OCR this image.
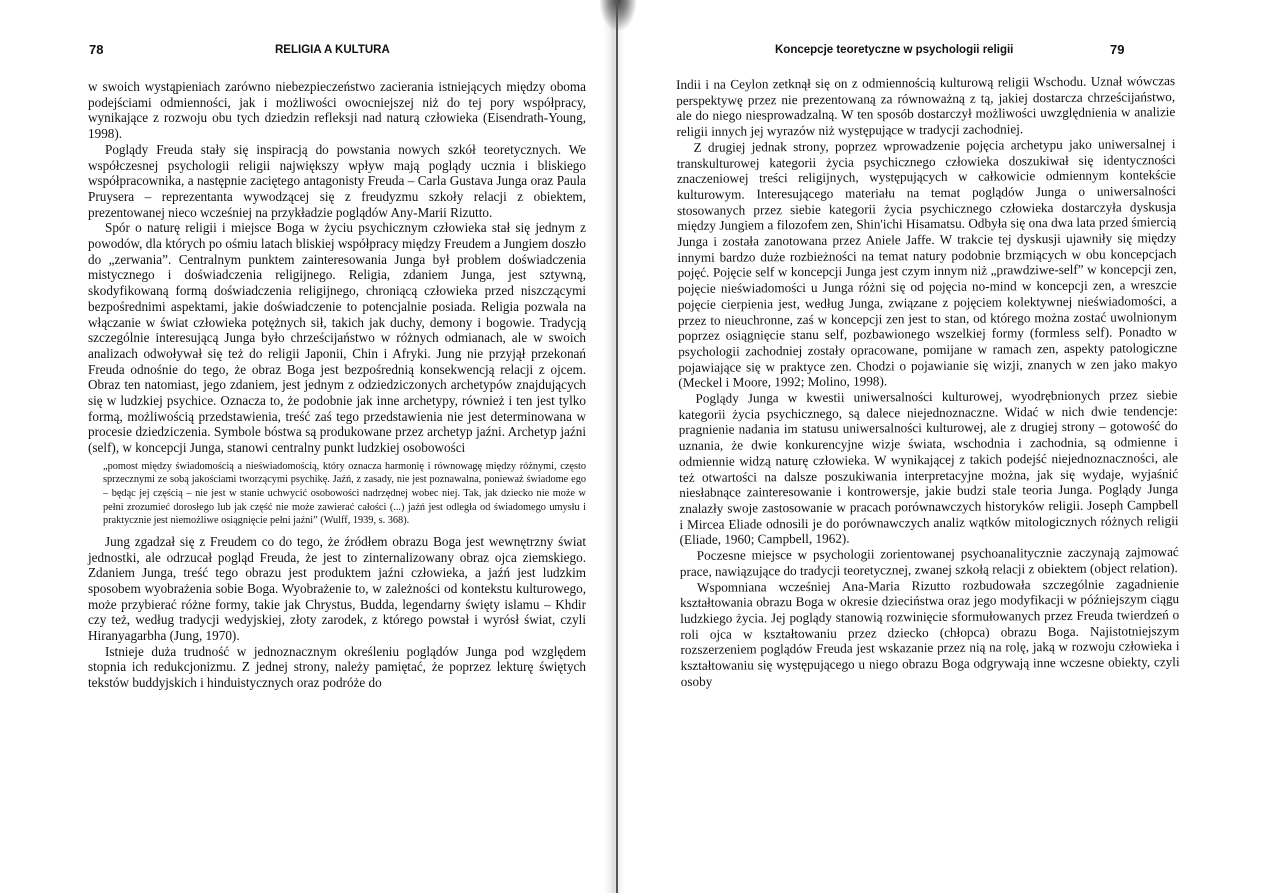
78	RELIGIA A KULTURA

w swoich wystąpieniach zarówno niebezpieczeństwo zacierania istniejących między oboma podejściami odmienności, jak i możliwości owocniejszej niż do tej pory współpracy, wynikające z rozwoju obu tych dziedzin refleksji nad naturą człowieka (Eisendrath-Young, 1998).

Poglądy Freuda stały się inspiracją do powstania nowych szkół teoretycznych. We współczesnej psychologii religii największy wpływ mają poglądy ucznia i bliskiego współpracownika, a następnie zaciętego antagonisty Freuda – Carla Gustava Junga oraz Paula Pruysera – reprezentanta wywodzącej się z freudyzmu szkoły relacji z obiektem, prezentowanej nieco wcześniej na przykładzie poglądów Any-Marii Rizutto.

Spór o naturę religii i miejsce Boga w życiu psychicznym człowieka stał się jednym z powodów, dla których po ośmiu latach bliskiej współpracy między Freudem a Jungiem doszło do „zerwania”. Centralnym punktem zainteresowania Junga był problem doświadczenia mistycznego i doświadczenia religijnego. Religia, zdaniem Junga, jest sztywną, skodyfikowaną formą doświadczenia religijnego, chroniącą człowieka przed niszczącymi bezpośrednimi aspektami, jakie doświadczenie to potencjalnie posiada. Religia pozwala na włączanie w świat człowieka potężnych sił, takich jak duchy, demony i bogowie. Tradycją szczególnie interesującą Junga było chrześcijaństwo w różnych odmianach, ale w swoich analizach odwoływał się też do religii Japonii, Chin i Afryki. Jung nie przyjął przekonań Freuda odnośnie do tego, że obraz Boga jest bezpośrednią konsekwencją relacji z ojcem. Obraz ten natomiast, jego zdaniem, jest jednym z odziedziczonych archetypów znajdujących się w ludzkiej psychice. Oznacza to, że podobnie jak inne archetypy, również i ten jest tylko formą, możliwością przedstawienia, treść zaś tego przedstawienia nie jest determinowana w procesie dziedziczenia. Symbole bóstwa są produkowane przez archetyp jaźni. Archetyp jaźni (self), w koncepcji Junga, stanowi centralny punkt ludzkiej osobowości

„pomost między świadomością a nieświadomością, który oznacza harmonię i równowagę między różnymi, często sprzecznymi ze sobą jakościami tworzącymi psychikę. Jaźń, z zasady, nie jest poznawalna, ponieważ świadome ego – będąc jej częścią – nie jest w stanie uchwycić osobowości nadrzędnej wobec niej. Tak, jak dziecko nie może w pełni zrozumieć dorosłego lub jak część nie może zawierać całości (...) jaźń jest odległa od świadomego umysłu i praktycznie jest niemożliwe osiągnięcie pełni jaźni” (Wulff, 1939, s. 368).

Jung zgadzał się z Freudem co do tego, że źródłem obrazu Boga jest wewnętrzny świat jednostki, ale odrzucał pogląd Freuda, że jest to zinternalizowany obraz ojca ziemskiego. Zdaniem Junga, treść tego obrazu jest produktem jaźni człowieka, a jaźń jest ludzkim sposobem wyobrażenia sobie Boga. Wyobrażenie to, w zależności od kontekstu kulturowego, może przybierać różne formy, takie jak Chrystus, Budda, legendarny święty islamu – Khdir czy też, według tradycji wedyjskiej, złoty zarodek, z którego powstał i wyrósł świat, czyli Hiranyagarbha (Jung, 1970).

Istnieje duża trudność w jednoznacznym określeniu poglądów Junga pod względem stopnia ich redukcjonizmu. Z jednej strony, należy pamiętać, że poprzez lekturę świętych tekstów buddyjskich i hinduistycznych oraz podróże do

Koncepcje teoretyczne w psychologii religii	79

Indii i na Ceylon zetknął się on z odmiennością kulturową religii Wschodu. Uznał wówczas perspektywę przez nie prezentowaną za równoważną z tą, jakiej dostarcza chrześcijaństwo, ale do niego niesprowadzalną. W ten sposób dostarczył możliwości uwzględnienia w analizie religii innych jej wyrazów niż występujące w tradycji zachodniej.

Z drugiej jednak strony, poprzez wprowadzenie pojęcia archetypu jako uniwersalnej i transkulturowej kategorii życia psychicznego człowieka doszukiwał się identyczności znaczeniowej treści religijnych, występujących w całkowicie odmiennym kontekście kulturowym. Interesującego materiału na temat poglądów Junga o uniwersalności stosowanych przez siebie kategorii życia psychicznego człowieka dostarczyła dyskusja między Jungiem a filozofem zen, Shin'ichi Hisamatsu. Odbyła się ona dwa lata przed śmiercią Junga i została zanotowana przez Aniele Jaffe. W trakcie tej dyskusji ujawniły się między innymi bardzo duże rozbieżności na temat natury podobnie brzmiących w obu koncepcjach pojęć. Pojęcie self w koncepcji Junga jest czym innym niż „prawdziwe-self” w koncepcji zen, pojęcie nieświadomości u Junga różni się od pojęcia no-mind w koncepcji zen, a wreszcie pojęcie cierpienia jest, według Junga, związane z pojęciem kolektywnej nieświadomości, a przez to nieuchronne, zaś w koncepcji zen jest to stan, od którego można zostać uwolnionym poprzez osiągnięcie stanu self, pozbawionego wszelkiej formy (formless self). Ponadto w psychologii zachodniej zostały opracowane, pomijane w ramach zen, aspekty patologiczne pojawiające się w praktyce zen. Chodzi o pojawianie się wizji, znanych w zen jako makyo (Meckel i Moore, 1992; Molino, 1998).

Poglądy Junga w kwestii uniwersalności kulturowej, wyodrębnionych przez siebie kategorii życia psychicznego, są dalece niejednoznaczne. Widać w nich dwie tendencje: pragnienie nadania im statusu uniwersalności kulturowej, ale z drugiej strony – gotowość do uznania, że dwie konkurencyjne wizje świata, wschodnia i zachodnia, są odmienne i odmiennie widzą naturę człowieka. W wynikającej z takich podejść niejednoznaczności, ale też otwartości na dalsze poszukiwania interpretacyjne można, jak się wydaje, wyjaśnić niesłabnące zainteresowanie i kontrowersje, jakie budzi stale teoria Junga. Poglądy Junga znalazły swoje zastosowanie w pracach porównawczych historyków religii. Joseph Campbell i Mircea Eliade odnosili je do porównawczych analiz wątków mitologicznych różnych religii (Eliade, 1960; Campbell, 1962).

Poczesne miejsce w psychologii zorientowanej psychoanalitycznie zaczynają zajmować prace, nawiązujące do tradycji teoretycznej, zwanej szkołą relacji z obiektem (object relation).

Wspomniana wcześniej Ana-Maria Rizutto rozbudowała szczególnie zagadnienie kształtowania obrazu Boga w okresie dzieciństwa oraz jego modyfikacji w późniejszym ciągu ludzkiego życia. Jej poglądy stanowią rozwinięcie sformułowanych przez Freuda twierdzeń o roli ojca w kształtowaniu przez dziecko (chłopca) obrazu Boga. Najistotniejszym rozszerzeniem poglądów Freuda jest wskazanie przez nią na rolę, jaką w rozwoju człowieka i kształtowaniu się występującego u niego obrazu Boga odgrywają inne wczesne obiekty, czyli osoby
